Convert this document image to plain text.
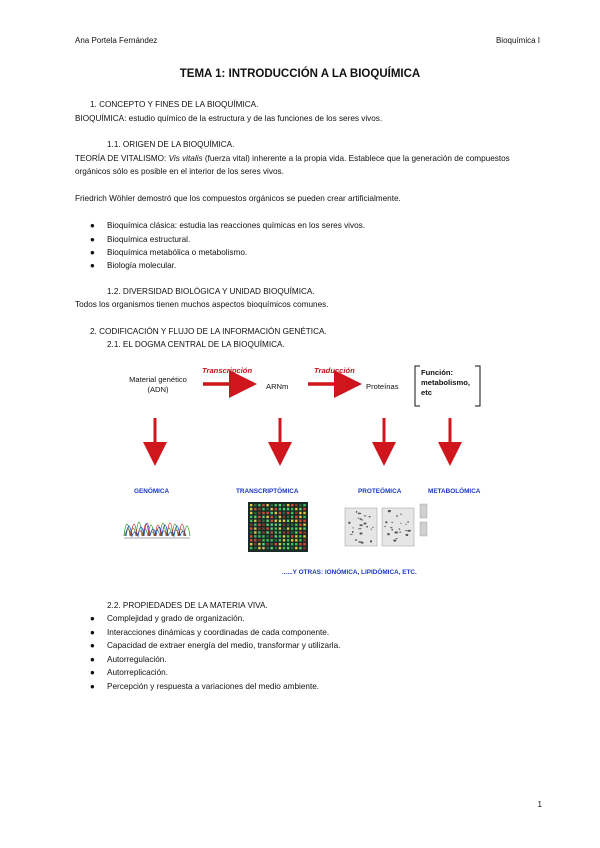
Ana Portela Fernández	Bioquímica I
TEMA 1: INTRODUCCIÓN A LA BIOQUÍMICA
1. CONCEPTO Y FINES DE LA BIOQUÍMICA.
BIOQUÍMICA: estudio químico de la estructura y de las funciones de los seres vivos.
1.1. ORIGEN DE LA BIOQUÍMICA.
TEORÍA DE VITALISMO: Vis vitalis (fuerza vital) inherente a la propia vida. Establece que la generación de compuestos orgánicos sólo es posible en el interior de los seres vivos.
Friedrich Wöhler demostró que los compuestos orgánicos se pueden crear artificialmente.
● Bioquímica clásica: estudia las reacciones químicas en los seres vivos.
● Bioquímica estructural.
● Bioquímica metabólica o metabolismo.
● Biología molecular.
1.2. DIVERSIDAD BIOLÓGICA Y UNIDAD BIOQUÍMICA.
Todos los organismos tienen muchos aspectos bioquímicos comunes.
2. CODIFICACIÓN Y FLUJO DE LA INFORMACIÓN GENÉTICA.
2.1. EL DOGMA CENTRAL DE LA BIOQUÍMICA.
Material genético
(ADN)
Transcripción
ARNm
Traducción
Proteínas
Función:
metabolismo,
etc
GENÓMICA	TRANSCRIPTÓMICA	PROTEÓMICA	METABOLÓMICA
......Y OTRAS: IONÓMICA, LIPIDÓMICA, ETC.
2.2. PROPIEDADES DE LA MATERIA VIVA.
● Complejidad y grado de organización.
● Interacciones dinámicas y coordinadas de cada componente.
● Capacidad de extraer energía del medio, transformar y utilizarla.
● Autorregulación.
● Autorreplicación.
● Percepción y respuesta a variaciones del medio ambiente.
1
